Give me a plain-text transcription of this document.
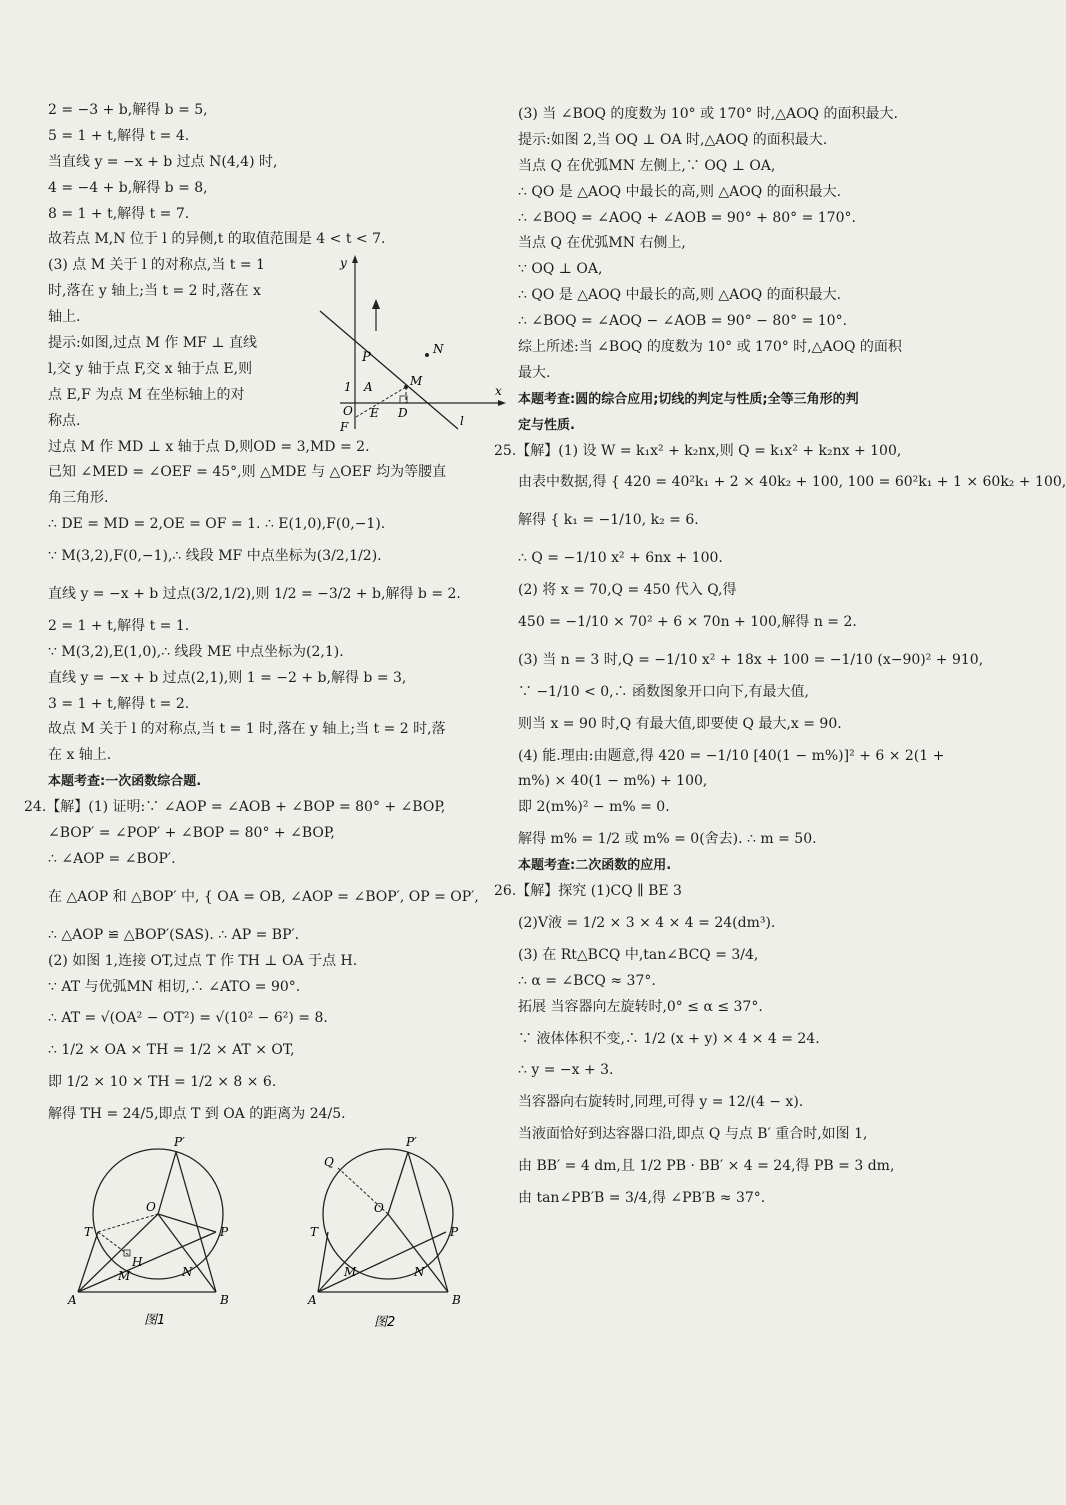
2 = −3 + b,解得 b = 5,
5 = 1 + t,解得 t = 4.
当直线 y = −x + b 过点 N(4,4) 时,
4 = −4 + b,解得 b = 8,
8 = 1 + t,解得 t = 7.
故若点 M,N 位于 l 的异侧,t 的取值范围是 4 < t < 7.
(3) 点 M 关于 l 的对称点,当 t = 1
时,落在 y 轴上;当 t = 2 时,落在 x
轴上.
提示:如图,过点 M 作 MF ⊥ 直线
l,交 y 轴于点 F,交 x 轴于点 E,则
点 E,F 为点 M 在坐标轴上的对
称点.
y
P
N
M
1 A
O E D
x
F	l
过点 M 作 MD ⊥ x 轴于点 D,则OD = 3,MD = 2.
已知 ∠MED = ∠OEF = 45°,则 △MDE 与 △OEF 均为等腰直
角三角形.
∴ DE = MD = 2,OE = OF = 1. ∴ E(1,0),F(0,−1).
∵ M(3,2),F(0,−1),∴ 线段 MF 中点坐标为(3/2,1/2).
直线 y = −x + b 过点(3/2,1/2),则 1/2 = −3/2 + b,解得 b = 2.
2 = 1 + t,解得 t = 1.
∵ M(3,2),E(1,0),∴ 线段 ME 中点坐标为(2,1).
直线 y = −x + b 过点(2,1),则 1 = −2 + b,解得 b = 3,
3 = 1 + t,解得 t = 2.
故点 M 关于 l 的对称点,当 t = 1 时,落在 y 轴上;当 t = 2 时,落
在 x 轴上.
本题考查:一次函数综合题.
24.【解】(1) 证明:∵ ∠AOP = ∠AOB + ∠BOP = 80° + ∠BOP,
∠BOP′ = ∠POP′ + ∠BOP = 80° + ∠BOP,
∴ ∠AOP = ∠BOP′.
在 △AOP 和 △BOP′ 中, { OA = OB, ∠AOP = ∠BOP′, OP = OP′,
∴ △AOP ≌ △BOP′(SAS). ∴ AP = BP′.
(2) 如图 1,连接 OT,过点 T 作 TH ⊥ OA 于点 H.
∵ AT 与优弧MN 相切,∴ ∠ATO = 90°.
∴ AT = √(OA² − OT²) = √(10² − 6²) = 8.
∴ 1/2 × OA × TH = 1/2 × AT × OT,
即 1/2 × 10 × TH = 1/2 × 8 × 6.
解得 TH = 24/5,即点 T 到 OA 的距离为 24/5.
P′
O
T	P
H
M	N
A	B
图1
P′
Q
O
T	P
M	N
A	B
图2
(3) 当 ∠BOQ 的度数为 10° 或 170° 时,△AOQ 的面积最大.
提示:如图 2,当 OQ ⊥ OA 时,△AOQ 的面积最大.
当点 Q 在优弧MN 左侧上,∵ OQ ⊥ OA,
∴ QO 是 △AOQ 中最长的高,则 △AOQ 的面积最大.
∴ ∠BOQ = ∠AOQ + ∠AOB = 90° + 80° = 170°.
当点 Q 在优弧MN 右侧上,
∵ OQ ⊥ OA,
∴ QO 是 △AOQ 中最长的高,则 △AOQ 的面积最大.
∴ ∠BOQ = ∠AOQ − ∠AOB = 90° − 80° = 10°.
综上所述:当 ∠BOQ 的度数为 10° 或 170° 时,△AOQ 的面积
最大.
本题考查:圆的综合应用;切线的判定与性质;全等三角形的判
定与性质.
25.【解】(1) 设 W = k₁x² + k₂nx,则 Q = k₁x² + k₂nx + 100,
由表中数据,得 { 420 = 40²k₁ + 2 × 40k₂ + 100, 100 = 60²k₁ + 1 × 60k₂ + 100,
解得 { k₁ = −1/10, k₂ = 6.
∴ Q = −1/10 x² + 6nx + 100.
(2) 将 x = 70,Q = 450 代入 Q,得
450 = −1/10 × 70² + 6 × 70n + 100,解得 n = 2.
(3) 当 n = 3 时,Q = −1/10 x² + 18x + 100 = −1/10 (x−90)² + 910,
∵ −1/10 < 0,∴ 函数图象开口向下,有最大值,
则当 x = 90 时,Q 有最大值,即要使 Q 最大,x = 90.
(4) 能.理由:由题意,得 420 = −1/10 [40(1 − m%)]² + 6 × 2(1 +
m%) × 40(1 − m%) + 100,
即 2(m%)² − m% = 0.
解得 m% = 1/2 或 m% = 0(舍去). ∴ m = 50.
本题考查:二次函数的应用.
26.【解】探究 (1)CQ ∥ BE 3
(2)V液 = 1/2 × 3 × 4 × 4 = 24(dm³).
(3) 在 Rt△BCQ 中,tan∠BCQ = 3/4,
∴ α = ∠BCQ ≈ 37°.
拓展 当容器向左旋转时,0° ≤ α ≤ 37°.
∵ 液体体积不变,∴ 1/2 (x + y) × 4 × 4 = 24.
∴ y = −x + 3.
当容器向右旋转时,同理,可得 y = 12/(4 − x).
当液面恰好到达容器口沿,即点 Q 与点 B′ 重合时,如图 1,
由 BB′ = 4 dm,且 1/2 PB · BB′ × 4 = 24,得 PB = 3 dm,
由 tan∠PB′B = 3/4,得 ∠PB′B ≈ 37°.
